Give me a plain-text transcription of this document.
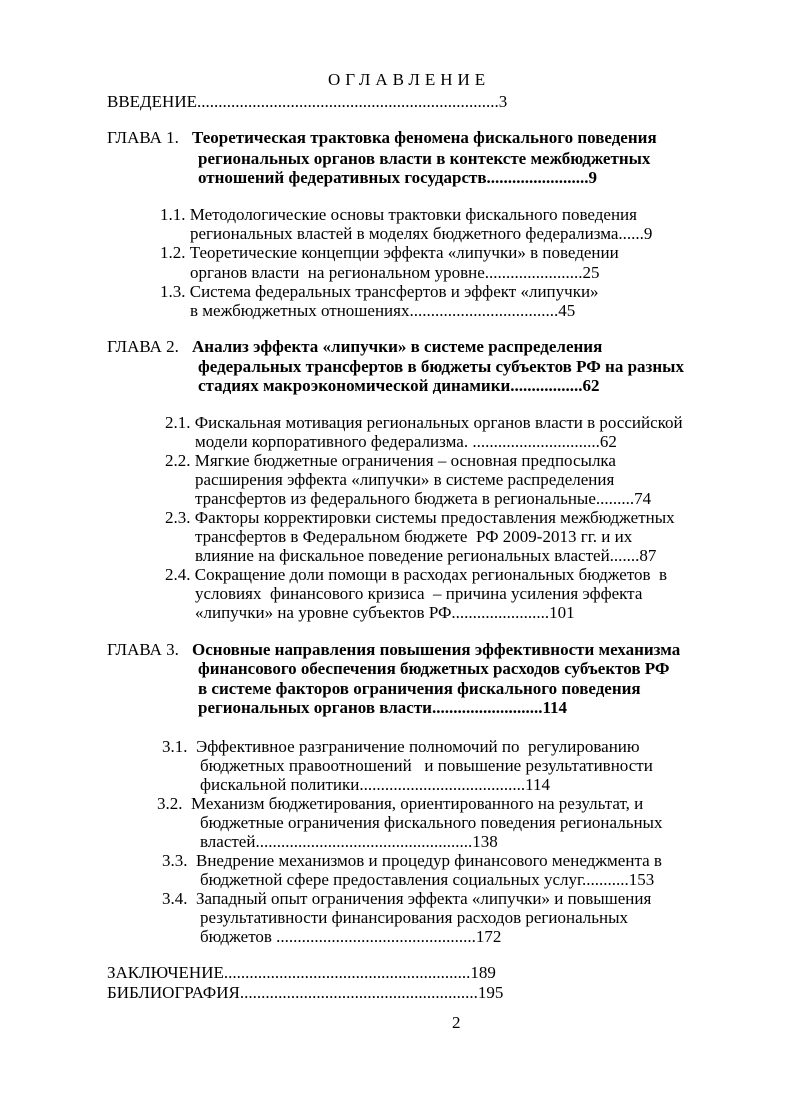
ОГЛАВЛЕНИЕ
ВВЕДЕНИЕ.......................................................................3
ГЛАВА 1. Теоретическая трактовка феномена фискального поведения
региональных органов власти в контексте межбюджетных
отношений федеративных государств........................9
1.1. Методологические основы трактовки фискального поведения
региональных властей в моделях бюджетного федерализма......9
1.2. Теоретические концепции эффекта «липучки» в поведении
органов власти  на региональном уровне.......................25
1.3. Система федеральных трансфертов и эффект «липучки»
в межбюджетных отношениях...................................45
ГЛАВА 2. Анализ эффекта «липучки» в системе распределения
федеральных трансфертов в бюджеты субъектов РФ на разных
стадиях макроэкономической динамики.................62
2.1. Фискальная мотивация региональных органов власти в российской
модели корпоративного федерализма. ..............................62
2.2. Мягкие бюджетные ограничения – основная предпосылка
расширения эффекта «липучки» в системе распределения
трансфертов из федерального бюджета в региональные.........74
2.3. Факторы корректировки системы предоставления межбюджетных
трансфертов в Федеральном бюджете  РФ 2009-2013 гг. и их
влияние на фискальное поведение региональных властей.......87
2.4. Сокращение доли помощи в расходах региональных бюджетов  в
условиях  финансового кризиса  – причина усиления эффекта
«липучки» на уровне субъектов РФ.......................101
ГЛАВА 3. Основные направления повышения эффективности механизма
финансового обеспечения бюджетных расходов субъектов РФ
в системе факторов ограничения фискального поведения
региональных органов власти..........................114
3.1.  Эффективное разграничение полномочий по  регулированию
бюджетных правоотношений   и повышение результативности
фискальной политики.......................................114
3.2.  Механизм бюджетирования, ориентированного на результат, и
бюджетные ограничения фискального поведения региональных
властей...................................................138
3.3.  Внедрение механизмов и процедур финансового менеджмента в
бюджетной сфере предоставления социальных услуг...........153
3.4.  Западный опыт ограничения эффекта «липучки» и повышения
результативности финансирования расходов региональных
бюджетов ...............................................172
ЗАКЛЮЧЕНИЕ..........................................................189
БИБЛИОГРАФИЯ........................................................195
2
